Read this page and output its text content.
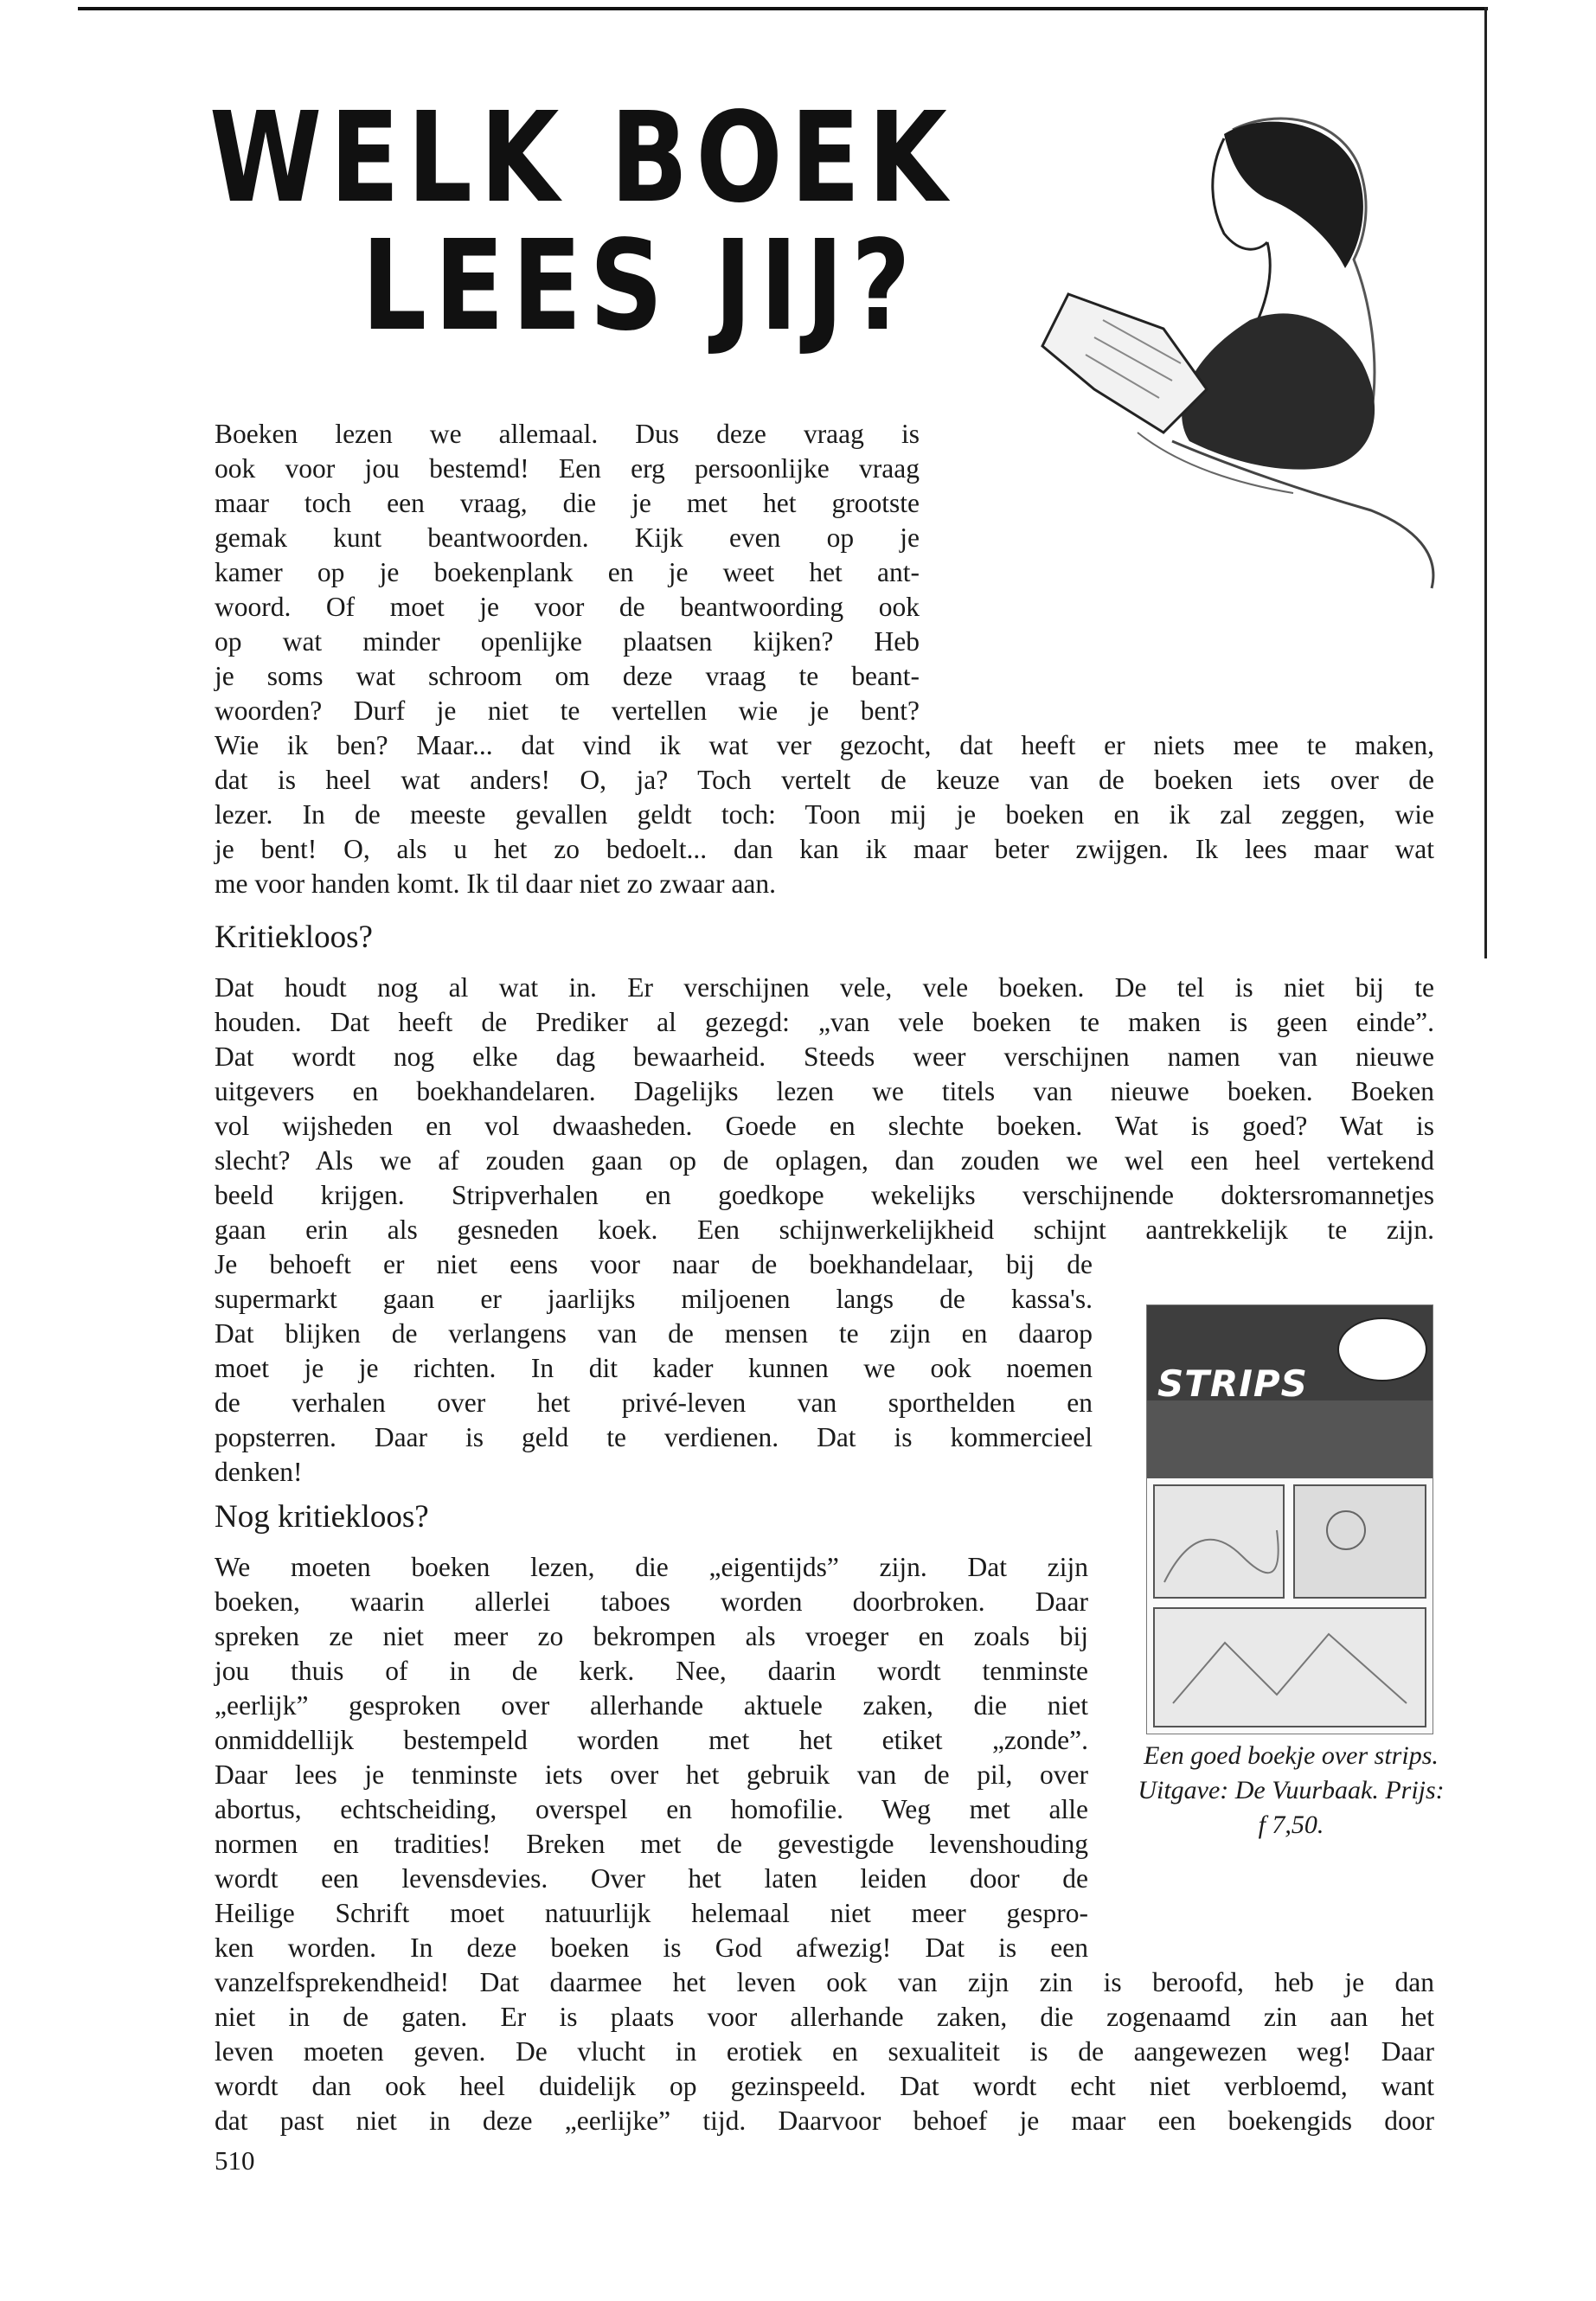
WELK BOEK
LEES JIJ?

Boeken lezen we allemaal. Dus deze vraag is

ook voor jou bestemd! Een erg persoonlijke vraag

maar toch een vraag, die je met het grootste

gemak kunt beantwoorden. Kijk even op je

kamer op je boekenplank en je weet het ant-

woord. Of moet je voor de beantwoording ook

op wat minder openlijke plaatsen kijken? Heb

je soms wat schroom om deze vraag te beant-

woorden? Durf je niet te vertellen wie je bent?

Wie ik ben? Maar... dat vind ik wat ver gezocht, dat heeft er niets mee te maken,

dat is heel wat anders! O, ja? Toch vertelt de keuze van de boeken iets over de

lezer. In de meeste gevallen geldt toch: Toon mij je boeken en ik zal zeggen, wie

je bent! O, als u het zo bedoelt... dan kan ik maar beter zwijgen. Ik lees maar wat

me voor handen komt. Ik til daar niet zo zwaar aan.

Kritiekloos?

Dat houdt nog al wat in. Er verschijnen vele, vele boeken. De tel is niet bij te

houden. Dat heeft de Prediker al gezegd: „van vele boeken te maken is geen einde”.

Dat wordt nog elke dag bewaarheid. Steeds weer verschijnen namen van nieuwe

uitgevers en boekhandelaren. Dagelijks lezen we titels van nieuwe boeken. Boeken

vol wijsheden en vol dwaasheden. Goede en slechte boeken. Wat is goed? Wat is

slecht? Als we af zouden gaan op de oplagen, dan zouden we wel een heel vertekend

beeld krijgen. Stripverhalen en goedkope wekelijks verschijnende doktersromannetjes

gaan erin als gesneden koek. Een schijnwerkelijkheid schijnt aantrekkelijk te zijn.

Je behoeft er niet eens voor naar de boekhandelaar, bij de

supermarkt gaan er jaarlijks miljoenen langs de kassa's.

Dat blijken de verlangens van de mensen te zijn en daarop

moet je je richten. In dit kader kunnen we ook noemen

de verhalen over het privé-leven van sporthelden en

popsterren. Daar is geld te verdienen. Dat is kommercieel

denken!

Nog kritiekloos?

We moeten boeken lezen, die „eigentijds” zijn. Dat zijn

boeken, waarin allerlei taboes worden doorbroken. Daar

spreken ze niet meer zo bekrompen als vroeger en zoals bij

jou thuis of in de kerk. Nee, daarin wordt tenminste

„eerlijk” gesproken over allerhande aktuele zaken, die niet

onmiddellijk bestempeld worden met het etiket „zonde”.

Daar lees je tenminste iets over het gebruik van de pil, over

abortus, echtscheiding, overspel en homofilie. Weg met alle

normen en tradities! Breken met de gevestigde levenshouding

wordt een levensdevies. Over het laten leiden door de

Heilige Schrift moet natuurlijk helemaal niet meer gespro-

ken worden. In deze boeken is God afwezig! Dat is een

vanzelfsprekendheid! Dat daarmee het leven ook van zijn zin is beroofd, heb je dan

niet in de gaten. Er is plaats voor allerhande zaken, die zogenaamd zin aan het

leven moeten geven. De vlucht in erotiek en sexualiteit is de aangewezen weg! Daar

wordt dan ook heel duidelijk op gezinspeeld. Dat wordt echt niet verbloemd, want

dat past niet in deze „eerlijke” tijd. Daarvoor behoef je maar een boekengids door

STRIPS

Een goed boekje over strips. Uitgave: De Vuurbaak. Prijs: f 7,50.

510
